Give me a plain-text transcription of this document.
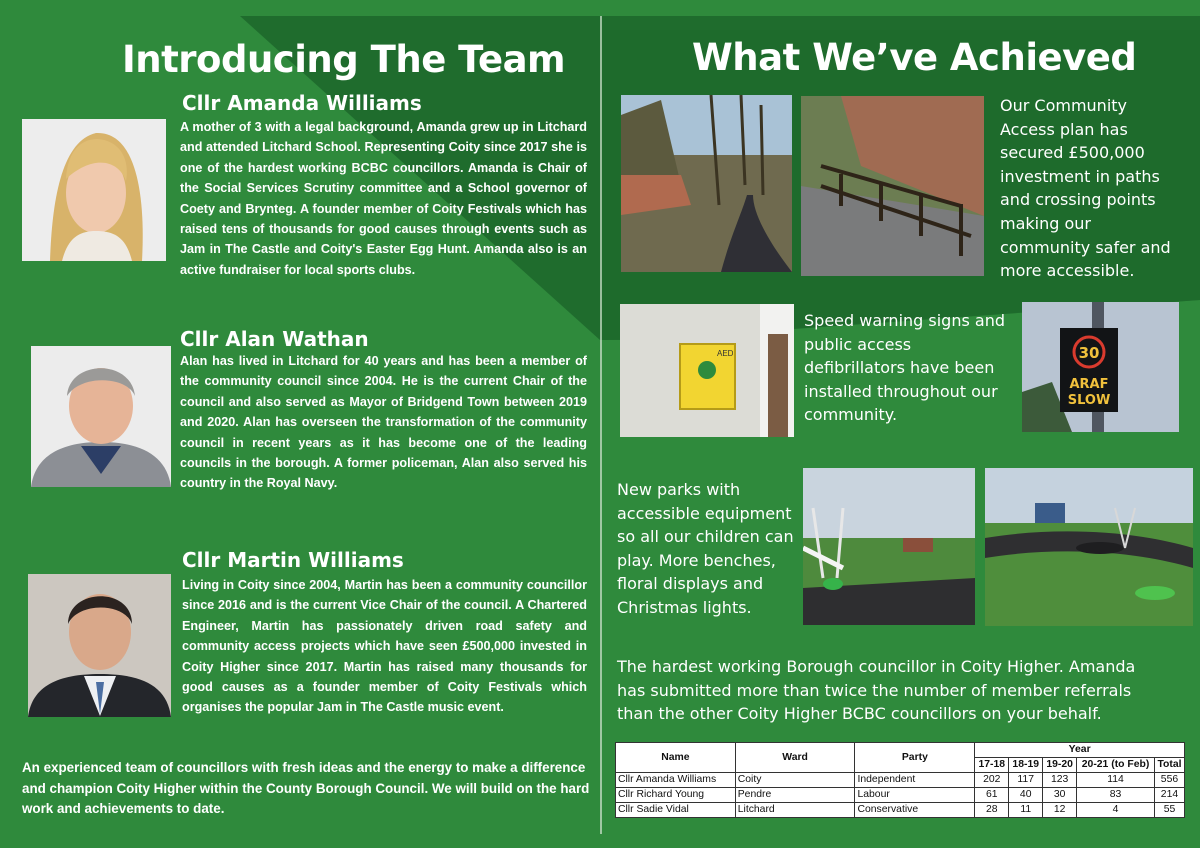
Introducing The Team
Cllr Amanda Williams
A mother of 3 with a legal background, Amanda grew up in Litchard and attended Litchard School. Representing Coity since 2017 she is one of the hardest working BCBC councillors. Amanda is Chair of the Social Services Scrutiny committee and a School governor of Coety and Brynteg. A founder member of Coity Festivals which has raised tens of thousands for good causes through events such as Jam in The Castle and Coity's Easter Egg Hunt. Amanda also is an active fundraiser for local sports clubs.
Cllr Alan Wathan
Alan has lived in Litchard for 40 years and has been a member of the community council since 2004. He is the current Chair of the council and also served as Mayor of Bridgend Town between 2019 and 2020. Alan has overseen the transformation of the community council in recent years as it has become one of the leading councils in the borough. A former policeman, Alan also served his country in the Royal Navy.
Cllr Martin Williams
Living in Coity since 2004, Martin has been a community councillor since 2016 and is the current Vice Chair of the council. A Chartered Engineer, Martin has passionately driven road safety and community access projects which have seen £500,000 invested in Coity Higher since 2017. Martin has raised many thousands for good causes as a founder member of Coity Festivals which organises the popular Jam in The Castle music event.
An experienced team of councillors with fresh ideas and the energy to make a difference and champion Coity Higher within the County Borough Council. We will build on the hard work and achievements to date.
What We’ve Achieved
Our Community Access plan has secured £500,000 investment in paths and crossing points making our community safer and more accessible.
AED
Speed warning signs and public access defibrillators have been installed throughout our community.
30
ARAF
SLOW
New parks with accessible equipment so all our children can play. More benches, floral displays and Christmas lights.
The hardest working Borough councillor in Coity Higher. Amanda has submitted more than twice the number of member referrals than the other Coity Higher BCBC councillors on your behalf.
Name	Ward	Party	Year				
			17-18	18-19	19-20	20-21 (to Feb)	Total
Cllr Amanda Williams	Coity	Independent	202	117	123	114	556
Cllr Richard Young	Pendre	Labour	61	40	30	83	214
Cllr Sadie Vidal	Litchard	Conservative	28	11	12	4	55
